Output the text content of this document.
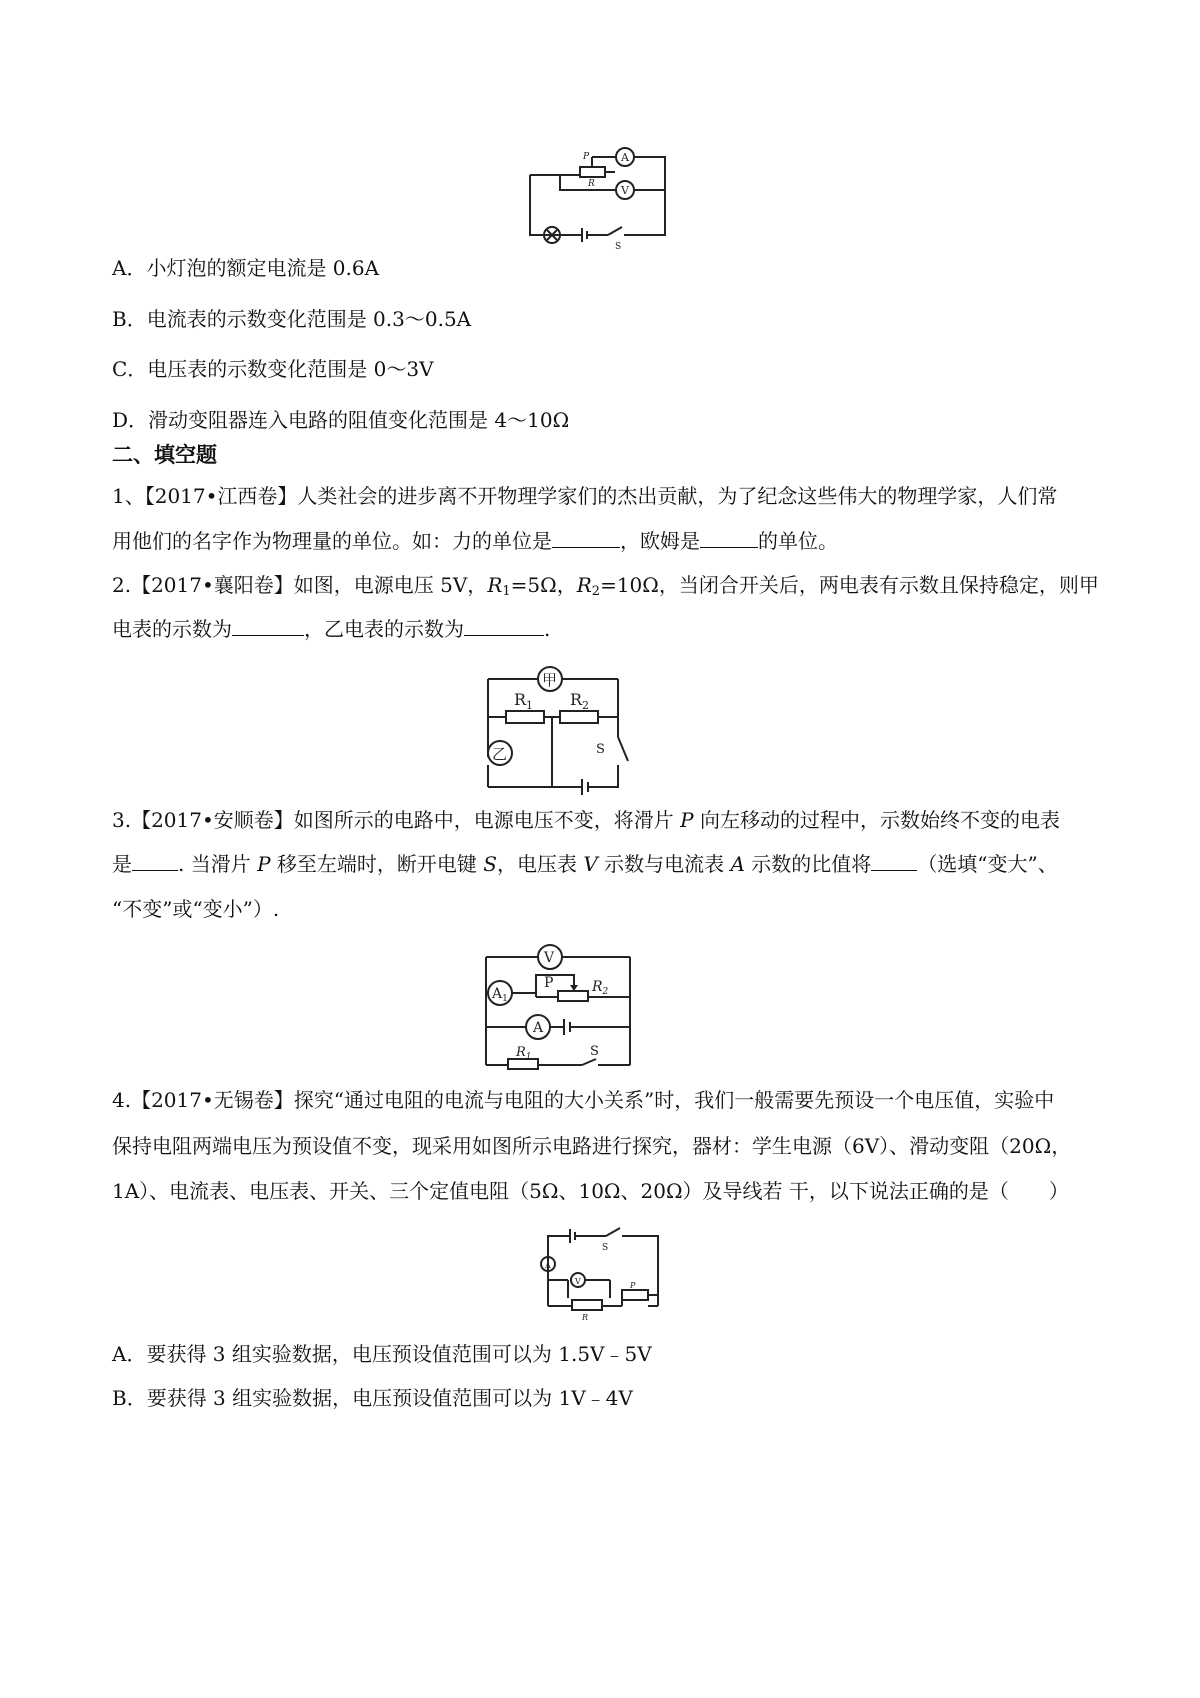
A
V
P
R
S
A．小灯泡的额定电流是 0.6A
B．电流表的示数变化范围是 0.3～0.5A
C．电压表的示数变化范围是 0～3V
D．滑动变阻器连入电路的阻值变化范围是 4～10Ω
二、填空题
1、【2017•江西卷】人类社会的进步离不开物理学家们的杰出贡献，为了纪念这些伟大的物理学家，人们常
用他们的名字作为物理量的单位。如：力的单位是	，欧姆是	的单位。
2.【2017•襄阳卷】如图，电源电压 5V，$R_1=5\Omega$，$R_2=10\Omega$，当闭合开关后，两电表有示数且保持稳定，则甲
电表的示数为	，乙电表的示数为	.
甲
乙
$R_1$ $R_2$
S
3.【2017•安顺卷】如图所示的电路中，电源电压不变，将滑片 P 向左移动的过程中，示数始终不变的电表
是 . 当滑片 P 移至左端时，断开电键 S，电压表 V 示数与电流表 A 示数的比值将 （选填“变大”、
“不变”或“变小”）.
V
$A_1$
P	$R_2$
A
$R_1$	S
4.【2017•无锡卷】探究“通过电阻的电流与电阻的大小关系”时，我们一般需要先预设一个电压值，实验中
保持电阻两端电压为预设值不变，现采用如图所示电路进行探究，器材：学生电源（6V）、滑动变阻（20Ω，
1A）、电流表、电压表、开关、三个定值电阻（5Ω、10Ω、20Ω）及导线若 干，以下说法正确的是（　　）
A
V
S
R
P
A．要获得 3 组实验数据，电压预设值范围可以为 1.5V﹣5V
B．要获得 3 组实验数据，电压预设值范围可以为 1V﹣4V
